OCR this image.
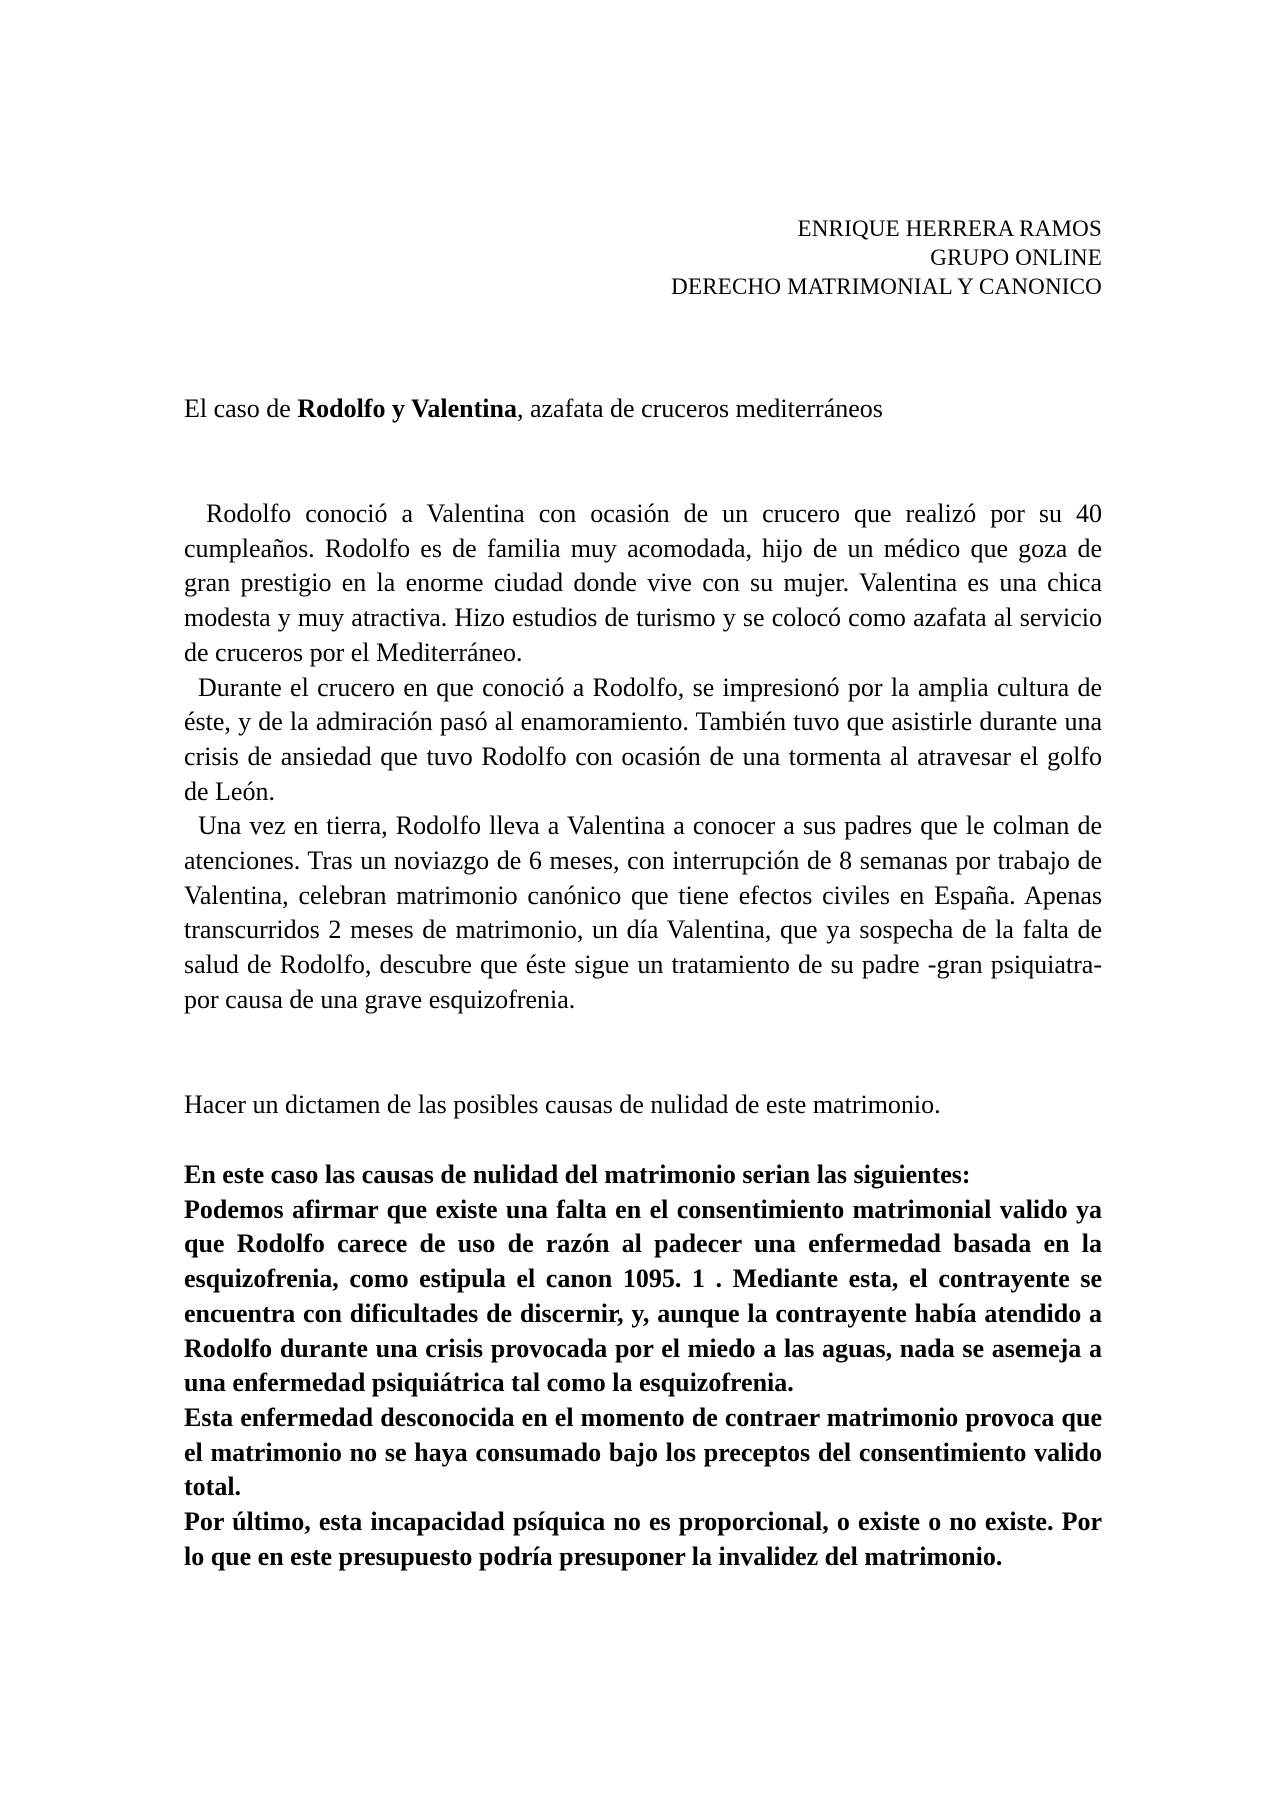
ENRIQUE HERRERA RAMOS
GRUPO ONLINE
DERECHO MATRIMONIAL Y CANONICO
El caso de Rodolfo y Valentina, azafata de cruceros mediterráneos

Rodolfo conoció a Valentina con ocasión de un crucero que realizó por su 40 cumpleaños. Rodolfo es de familia muy acomodada, hijo de un médico que goza de gran prestigio en la enorme ciudad donde vive con su mujer. Valentina es una chica modesta y muy atractiva. Hizo estudios de turismo y se colocó como azafata al servicio de cruceros por el Mediterráneo.

Durante el crucero en que conoció a Rodolfo, se impresionó por la amplia cultura de éste, y de la admiración pasó al enamoramiento. También tuvo que asistirle durante una crisis de ansiedad que tuvo Rodolfo con ocasión de una tormenta al atravesar el golfo de León.

Una vez en tierra, Rodolfo lleva a Valentina a conocer a sus padres que le colman de atenciones. Tras un noviazgo de 6 meses, con interrupción de 8 semanas por trabajo de Valentina, celebran matrimonio canónico que tiene efectos civiles en España. Apenas transcurridos 2 meses de matrimonio, un día Valentina, que ya sospecha de la falta de salud de Rodolfo, descubre que éste sigue un tratamiento de su padre -gran psiquiatra- por causa de una grave esquizofrenia.

Hacer un dictamen de las posibles causas de nulidad de este matrimonio.

En este caso las causas de nulidad del matrimonio serian las siguientes:

Podemos afirmar que existe una falta en el consentimiento matrimonial valido ya que Rodolfo carece de uso de razón al padecer una enfermedad basada en la esquizofrenia, como estipula el canon 1095. 1 . Mediante esta, el contrayente se encuentra con dificultades de discernir, y, aunque la contrayente había atendido a Rodolfo durante una crisis provocada por el miedo a las aguas, nada se asemeja a una enfermedad psiquiátrica tal como la esquizofrenia.

Esta enfermedad desconocida en el momento de contraer matrimonio provoca que el matrimonio no se haya consumado bajo los preceptos del consentimiento valido total.

Por último, esta incapacidad psíquica no es proporcional, o existe o no existe. Por lo que en este presupuesto podría presuponer la invalidez del matrimonio.
